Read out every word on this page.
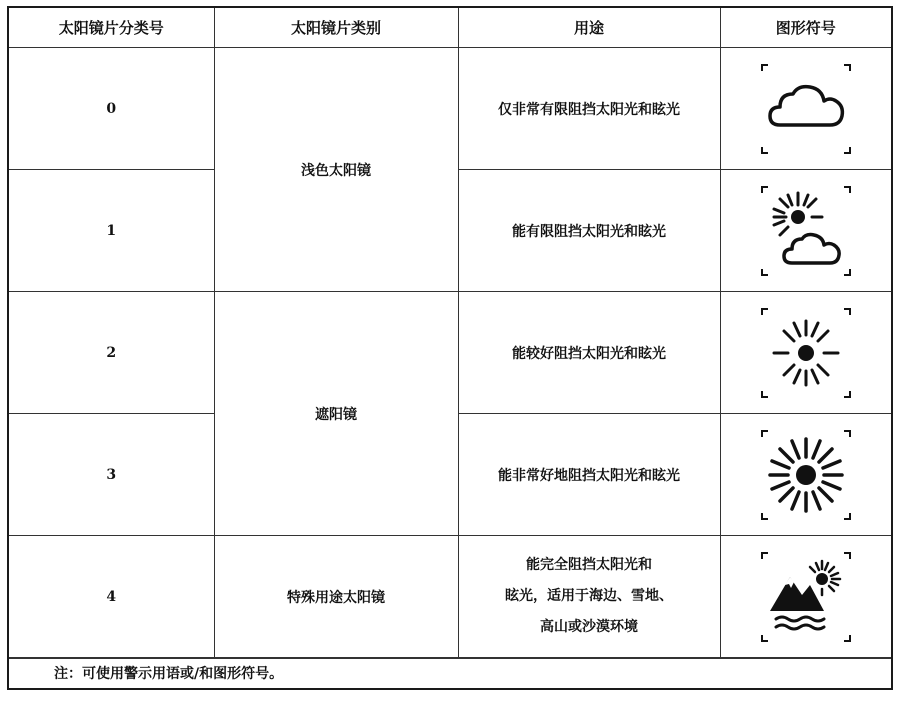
太阳镜片分类号	太阳镜片类别	用途	图形符号
0	浅色太阳镜	仅非常有限阻挡太阳光和眩光	

1		能有限阻挡太阳光和眩光	

2	遮阳镜	能较好阻挡太阳光和眩光	

3		能非常好地阻挡太阳光和眩光	

4	特殊用途太阳镜	能完全阻挡太阳光和
眩光，适用于海边、雪地、
高山或沙漠环境

注：可使用警示用语或/和图形符号。
